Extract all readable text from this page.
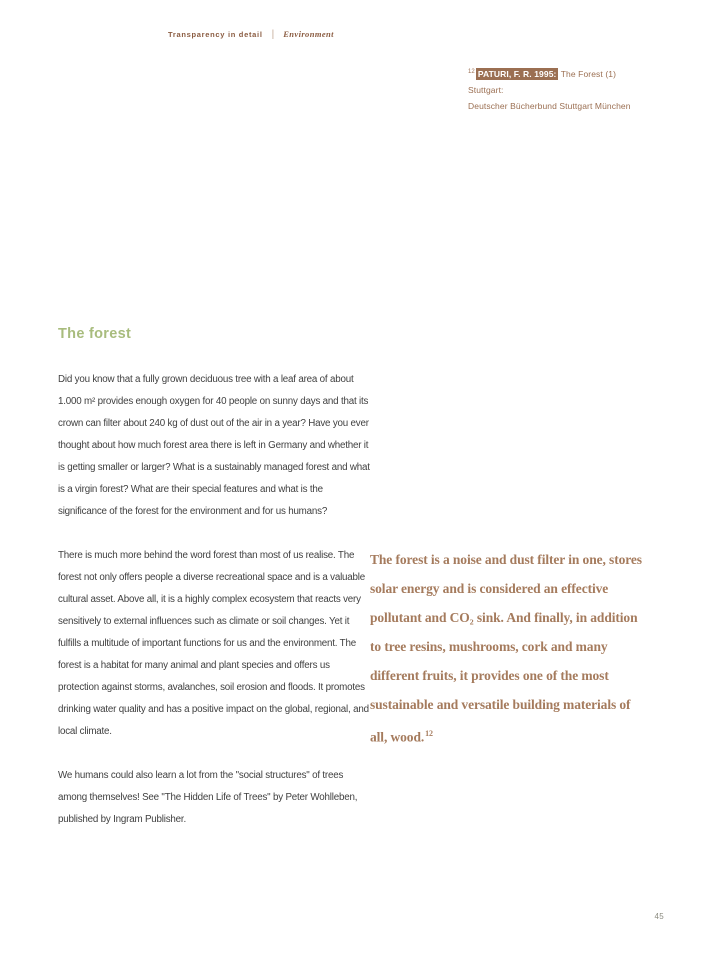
Transparency in detail | Environment
$^{12}$ PATURI, F. R. 1995: The Forest (1) Stuttgart:
Deutscher Bücherbund Stuttgart München
The forest

Did you know that a fully grown deciduous tree with a leaf area of about 1.000 m² provides enough oxygen for 40 people on sunny days and that its crown can filter about 240 kg of dust out of the air in a year? Have you ever thought about how much forest area there is left in Germany and whether it is getting smaller or larger? What is a sustainably managed forest and what is a virgin forest? What are their special features and what is the significance of the forest for the environment and for us humans?

There is much more behind the word forest than most of us realise. The forest not only offers people a diverse recreational space and is a valuable cultural asset. Above all, it is a highly complex ecosystem that reacts very sensitively to external influences such as climate or soil changes. Yet it fulfills a multitude of important functions for us and the environment. The forest is a habitat for many animal and plant species and offers us protection against storms, avalanches, soil erosion and floods. It promotes drinking water quality and has a positive impact on the global, regional, and local climate.

We humans could also learn a lot from the "social structures" of trees among themselves! See "The Hidden Life of Trees" by Peter Wohlleben, published by Ingram Publisher.

The forest is a noise and dust filter in one, stores
solar energy and is considered an effective
pollutant and CO₂ sink. And finally, in addition
to tree resins, mushrooms, cork and many
different fruits, it provides one of the most
sustainable and versatile building materials of
all, wood.$^{12}$
45
